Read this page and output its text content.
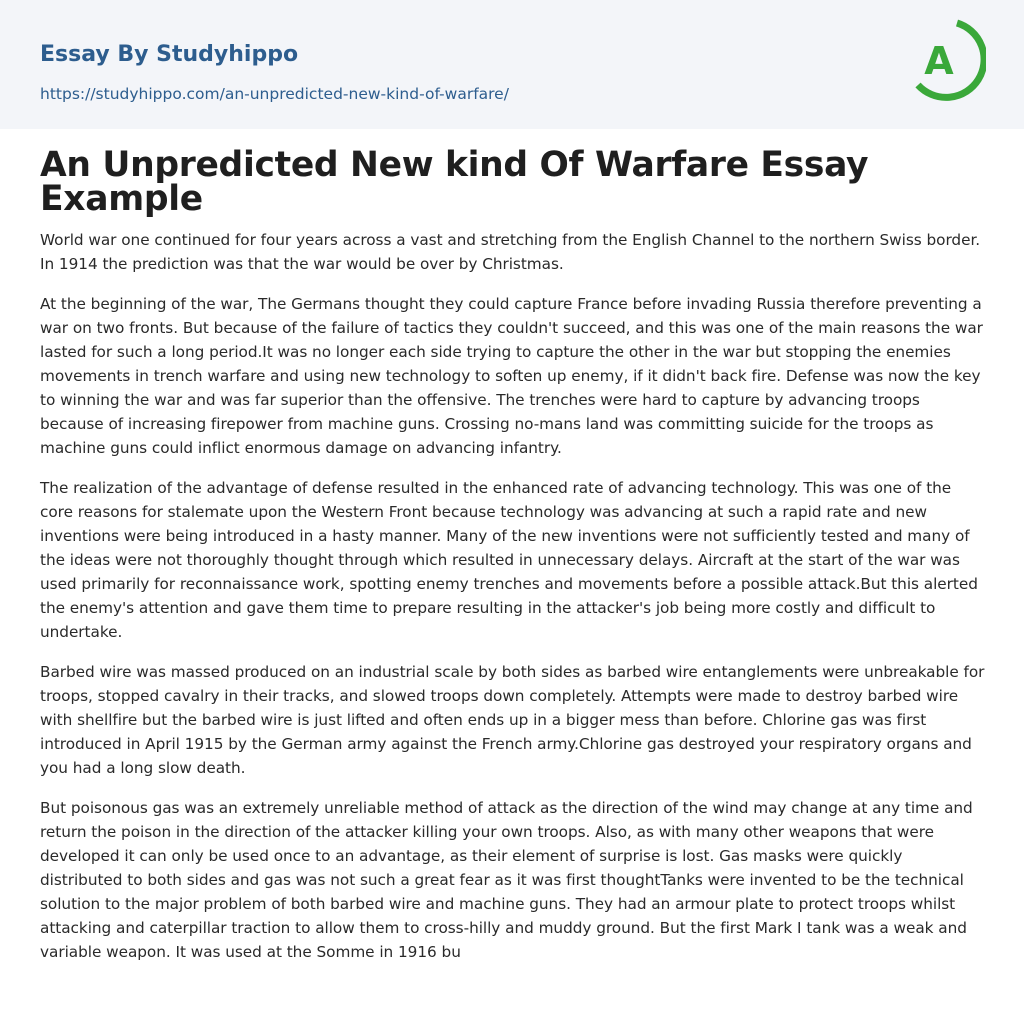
Essay By Studyhippo
https://studyhippo.com/an-unpredicted-new-kind-of-warfare/
A
An Unpredicted New kind Of Warfare Essay Example

World war one continued for four years across a vast and stretching from the English Channel to the northern Swiss border. In 1914 the prediction was that the war would be over by Christmas.

At the beginning of the war, The Germans thought they could capture France before invading Russia therefore preventing a war on two fronts. But because of the failure of tactics they couldn't succeed, and this was one of the main reasons the war lasted for such a long period.It was no longer each side trying to capture the other in the war but stopping the enemies movements in trench warfare and using new technology to soften up enemy, if it didn't back fire. Defense was now the key to winning the war and was far superior than the offensive. The trenches were hard to capture by advancing troops because of increasing firepower from machine guns. Crossing no-mans land was committing suicide for the troops as machine guns could inflict enormous damage on advancing infantry.

The realization of the advantage of defense resulted in the enhanced rate of advancing technology. This was one of the core reasons for stalemate upon the Western Front because technology was advancing at such a rapid rate and new inventions were being introduced in a hasty manner. Many of the new inventions were not sufficiently tested and many of the ideas were not thoroughly thought through which resulted in unnecessary delays. Aircraft at the start of the war was used primarily for reconnaissance work, spotting enemy trenches and movements before a possible attack.But this alerted the enemy's attention and gave them time to prepare resulting in the attacker's job being more costly and difficult to undertake.

Barbed wire was massed produced on an industrial scale by both sides as barbed wire entanglements were unbreakable for troops, stopped cavalry in their tracks, and slowed troops down completely. Attempts were made to destroy barbed wire with shellfire but the barbed wire is just lifted and often ends up in a bigger mess than before. Chlorine gas was first introduced in April 1915 by the German army against the French army.Chlorine gas destroyed your respiratory organs and you had a long slow death.

But poisonous gas was an extremely unreliable method of attack as the direction of the wind may change at any time and return the poison in the direction of the attacker killing your own troops. Also, as with many other weapons that were developed it can only be used once to an advantage, as their element of surprise is lost. Gas masks were quickly distributed to both sides and gas was not such a great fear as it was first thoughtTanks were invented to be the technical solution to the major problem of both barbed wire and machine guns. They had an armour plate to protect troops whilst attacking and caterpillar traction to allow them to cross-hilly and muddy ground. But the first Mark I tank was a weak and variable weapon. It was used at the Somme in 1916 bu
